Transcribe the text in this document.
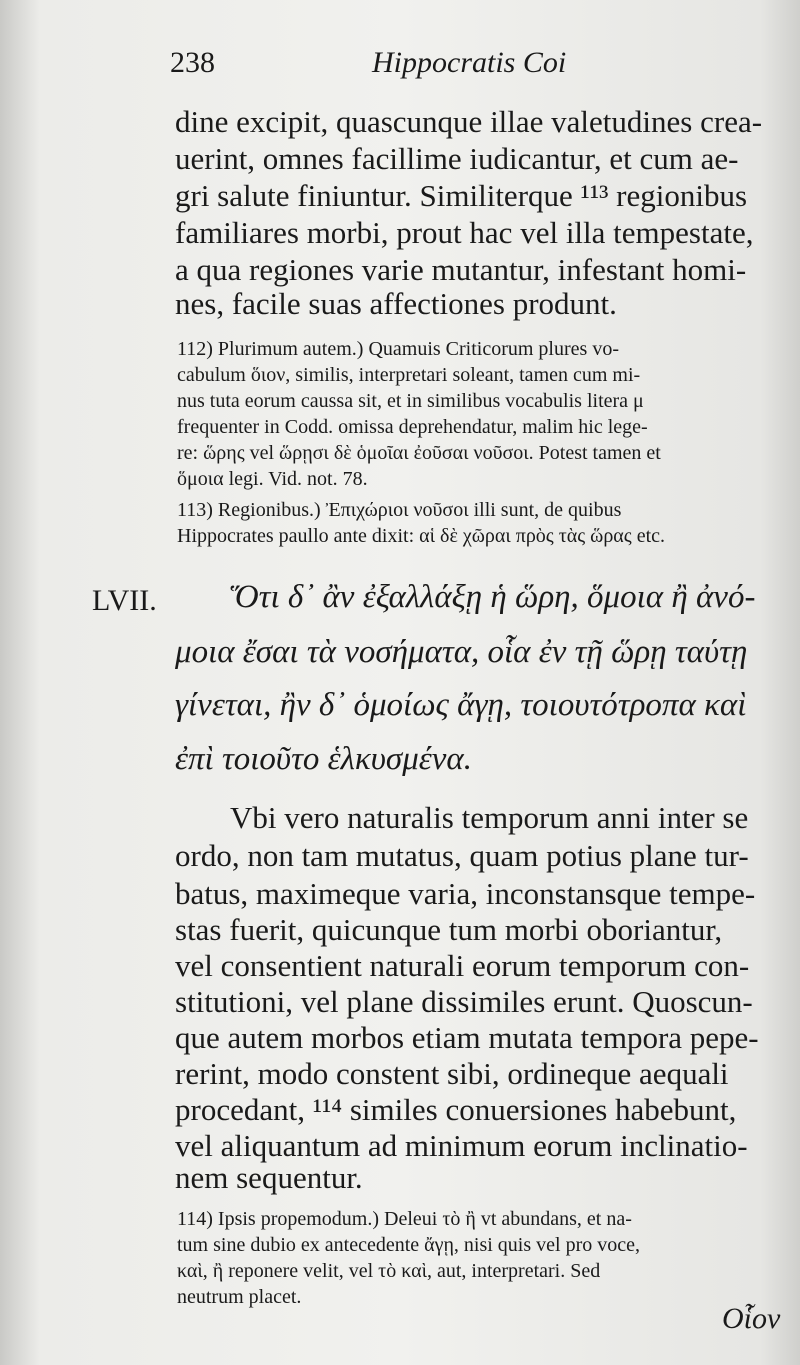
238	Hippocratis Coi
dine excipit, quascunque illae valetudines crea-
uerint, omnes facillime iudicantur, et cum ae-
gri salute finiuntur. Similiterque ¹¹³ regionibus
familiares morbi, prout hac vel illa tempestate,
a qua regiones varie mutantur, infestant homi-
nes, facile suas affectiones produnt.
112) Plurimum autem.) Quamuis Criticorum plures vo-
cabulum ὅιον, similis, interpretari soleant, tamen cum mi-
nus tuta eorum caussa sit, et in similibus vocabulis litera μ
frequenter in Codd. omissa deprehendatur, malim hic lege-
re: ὥρης vel ὥρῃσι δὲ ὁμοῖαι ἐοῦσαι νοῦσοι. Potest tamen et
ὅμοια legi. Vid. not. 78.
113) Regionibus.) Ἐπιχώριοι νοῦσοι illi sunt, de quibus
Hippocrates paullo ante dixit: αἱ δὲ χῶραι πρὸς τὰς ὥρας etc.
LVII. Ὅτι δ᾽ ἂν ἐξαλλάξῃ ἡ ὥρη, ὅμοια ἢ ἀνό-
μοια ἔσαι τὰ νοσήματα, οἷα ἐν τῇ ὥρῃ ταύτῃ
γίνεται, ἢν δ᾽ ὁμοίως ἄγῃ, τοιουτότροπα καὶ
ἐπὶ τοιοῦτο ἑλκυσμένα.
Vbi vero naturalis temporum anni inter se
ordo, non tam mutatus, quam potius plane tur-
batus, maximeque varia, inconstansque tempe-
stas fuerit, quicunque tum morbi oboriantur,
vel consentient naturali eorum temporum con-
stitutioni, vel plane dissimiles erunt. Quoscun-
que autem morbos etiam mutata tempora pepe-
rerint, modo constent sibi, ordineque aequali
procedant, ¹¹⁴ similes conuersiones habebunt,
vel aliquantum ad minimum eorum inclinatio-
nem sequentur.
114) Ipsis propemodum.) Deleui τὸ ἢ vt abundans, et na-
tum sine dubio ex antecedente ἄγῃ, nisi quis vel pro voce,
καὶ, ἢ reponere velit, vel τὸ καὶ, aut, interpretari. Sed
neutrum placet.
Oἷον
